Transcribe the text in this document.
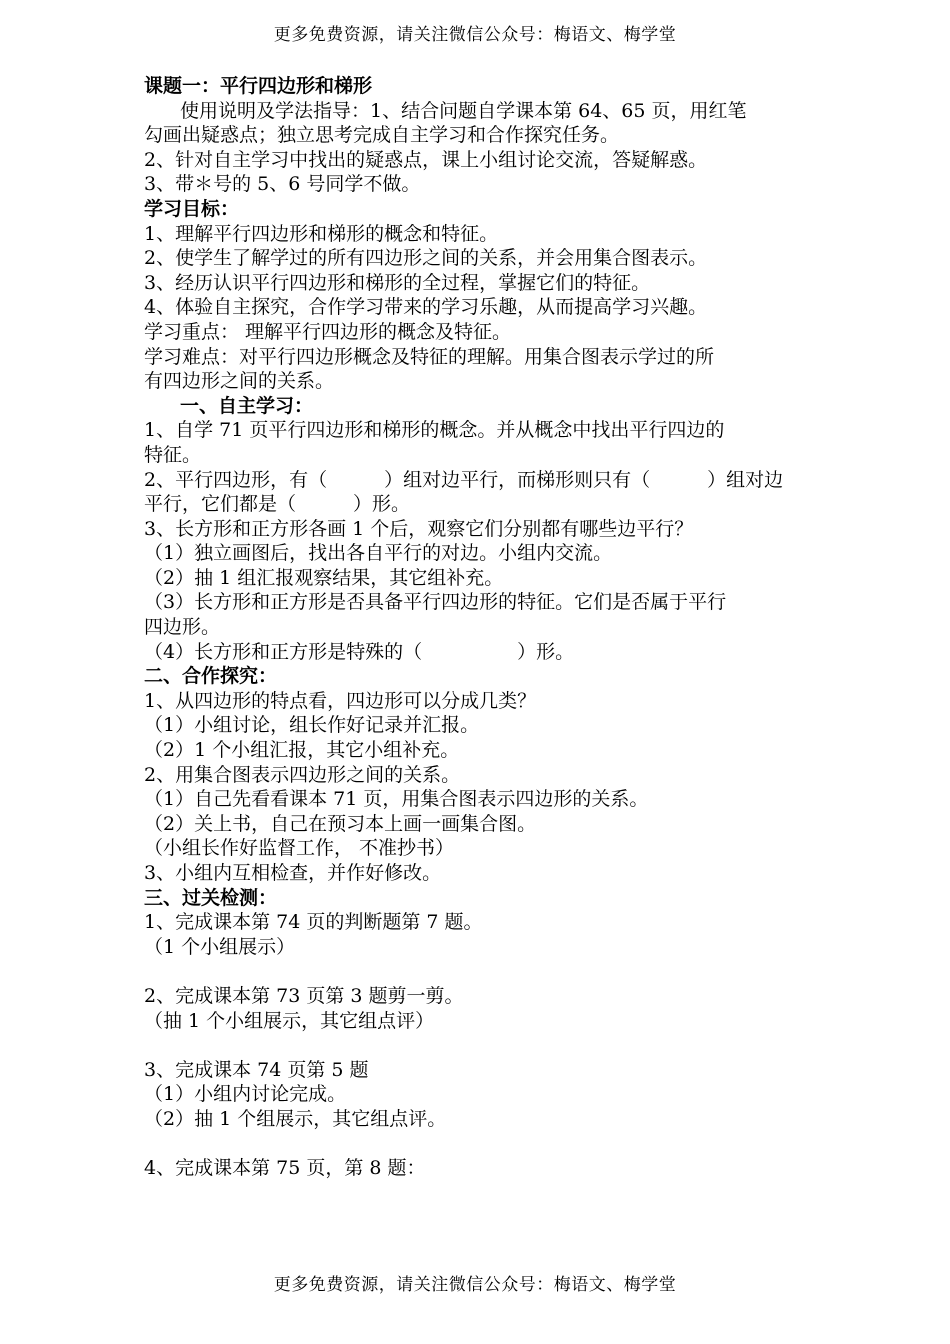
更多免费资源，请关注微信公众号：梅语文、梅学堂
课题一：平行四边形和梯形
使用说明及学法指导：1、结合问题自学课本第 64、65 页，用红笔
勾画出疑惑点；独立思考完成自主学习和合作探究任务。
2、针对自主学习中找出的疑惑点，课上小组讨论交流，答疑解惑。
3、带＊号的 5、6 号同学不做。
学习目标：
1、理解平行四边形和梯形的概念和特征。
2、使学生了解学过的所有四边形之间的关系，并会用集合图表示。
3、经历认识平行四边形和梯形的全过程，掌握它们的特征。
4、体验自主探究，合作学习带来的学习乐趣，从而提高学习兴趣。
学习重点： 理解平行四边形的概念及特征。
学习难点：对平行四边形概念及特征的理解。用集合图表示学过的所
有四边形之间的关系。
一、自主学习：
1、自学 71 页平行四边形和梯形的概念。并从概念中找出平行四边的
特征。
2、平行四边形，有（　　　）组对边平行，而梯形则只有（　　　）组对边
平行，它们都是（　　　）形。
3、长方形和正方形各画 1 个后，观察它们分别都有哪些边平行？
（1）独立画图后，找出各自平行的对边。小组内交流。
（2）抽 1 组汇报观察结果，其它组补充。
（3）长方形和正方形是否具备平行四边形的特征。它们是否属于平行
四边形。
（4）长方形和正方形是特殊的（　　　　　）形。
二、合作探究：
1、从四边形的特点看，四边形可以分成几类？
（1）小组讨论，组长作好记录并汇报。
（2）1 个小组汇报，其它小组补充。
2、用集合图表示四边形之间的关系。
（1）自己先看看课本 71 页，用集合图表示四边形的关系。
（2）关上书，自己在预习本上画一画集合图。
（小组长作好监督工作， 不准抄书）
3、小组内互相检查，并作好修改。
三、过关检测：
1、完成课本第 74 页的判断题第 7 题。
（1 个小组展示）
2、完成课本第 73 页第 3 题剪一剪。
（抽 1 个小组展示，其它组点评）
3、完成课本 74 页第 5 题
（1）小组内讨论完成。
（2）抽 1 个组展示，其它组点评。
4、完成课本第 75 页，第 8 题：
更多免费资源，请关注微信公众号：梅语文、梅学堂
